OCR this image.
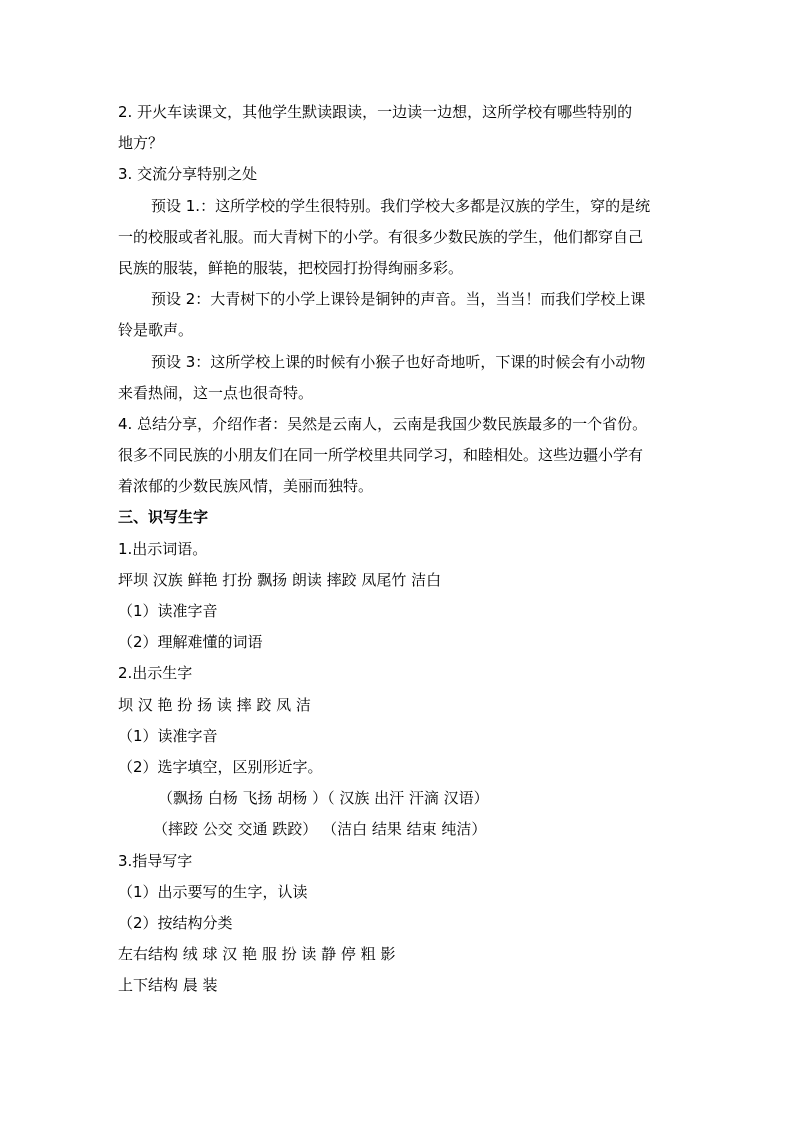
2. 开火车读课文，其他学生默读跟读，一边读一边想，这所学校有哪些特别的
地方？
3. 交流分享特别之处
预设 1.：这所学校的学生很特别。我们学校大多都是汉族的学生，穿的是统
一的校服或者礼服。而大青树下的小学。有很多少数民族的学生，他们都穿自己
民族的服装，鲜艳的服装，把校园打扮得绚丽多彩。
预设 2：大青树下的小学上课铃是铜钟的声音。当，当当！而我们学校上课
铃是歌声。
预设 3：这所学校上课的时候有小猴子也好奇地听，下课的时候会有小动物
来看热闹，这一点也很奇特。
4. 总结分享，介绍作者：吴然是云南人，云南是我国少数民族最多的一个省份。
很多不同民族的小朋友们在同一所学校里共同学习，和睦相处。这些边疆小学有
着浓郁的少数民族风情，美丽而独特。
三、识写生字
1.出示词语。
坪坝 汉族 鲜艳 打扮 飘扬 朗读 摔跤 凤尾竹 洁白
（1）读准字音
（2）理解难懂的词语
2.出示生字
坝 汉 艳 扮 扬 读 摔 跤 凤 洁
（1）读准字音
（2）选字填空，区别形近字。
（飘扬 白杨 飞扬 胡杨 ）（ 汉族 出汗 汗滴 汉语）
（摔跤 公交 交通 跌跤） （洁白 结果 结束 纯洁）
3.指导写字
（1）出示要写的生字，认读
（2）按结构分类
左右结构 绒 球 汉 艳 服 扮 读 静 停 粗 影
上下结构 晨 装
